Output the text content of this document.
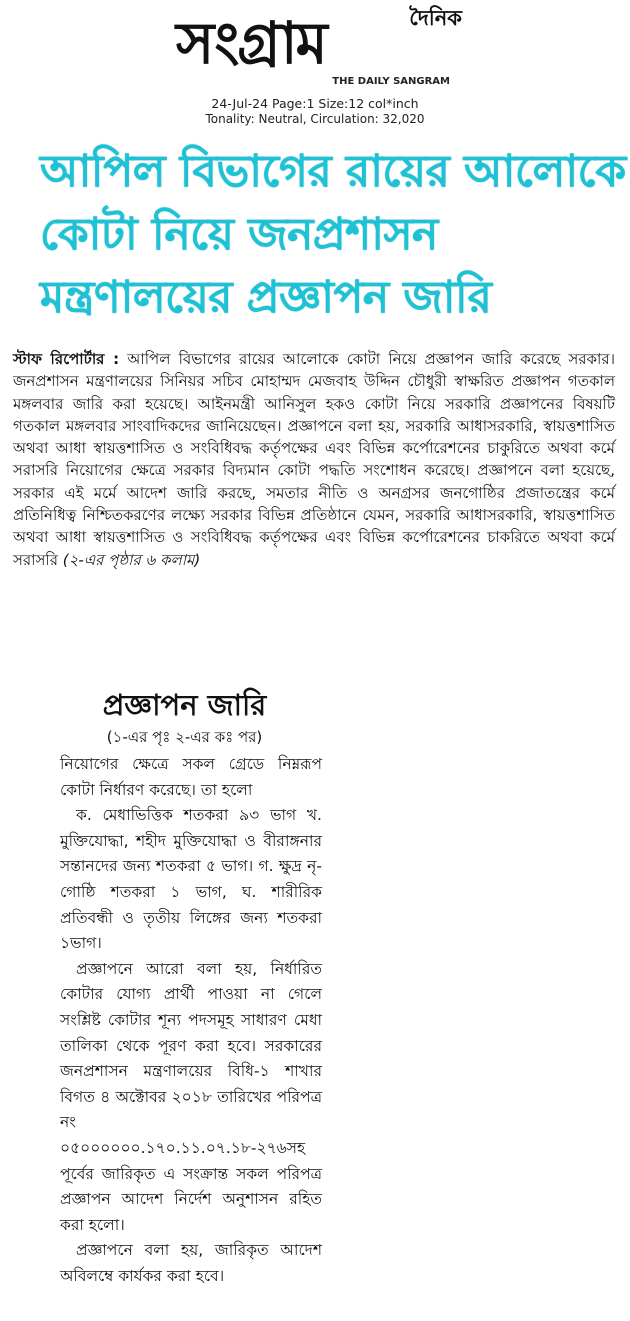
দৈনিক
সংগ্রাম
THE DAILY SANGRAM
24-Jul-24 Page:1 Size:12 col*inch
Tonality: Neutral, Circulation: 32,020
আপিল বিভাগের রায়ের আলোকে
কোটা নিয়ে জনপ্রশাসন
মন্ত্রণালয়ের প্রজ্ঞাপন জারি
স্টাফ রিপোর্টার : আপিল বিভাগের রায়ের আলোকে কোটা নিয়ে প্রজ্ঞাপন জারি করেছে সরকার। জনপ্রশাসন মন্ত্রণালয়ের সিনিয়র সচিব মোহাম্মদ মেজবাহ উদ্দিন চৌধুরী স্বাক্ষরিত প্রজ্ঞাপন গতকাল মঙ্গলবার জারি করা হয়েছে। আইনমন্ত্রী আনিসুল হকও কোটা নিয়ে সরকারি প্রজ্ঞাপনের বিষয়টি গতকাল মঙ্গলবার সাংবাদিকদের জানিয়েছেন। প্রজ্ঞাপনে বলা হয়, সরকারি আধাসরকারি, স্বায়ত্তশাসিত অথবা আধা স্বায়ত্তশাসিত ও সংবিধিবদ্ধ কর্তৃপক্ষের এবং বিভিন্ন কর্পোরেশনের চাকুরিতে অথবা কর্মে সরাসরি নিয়োগের ক্ষেত্রে সরকার বিদ্যমান কোটা পদ্ধতি সংশোধন করেছে। প্রজ্ঞাপনে বলা হয়েছে, সরকার এই মর্মে আদেশ জারি করছে, সমতার নীতি ও অনগ্রসর জনগোষ্ঠির প্রজাতন্ত্রের কর্মে প্রতিনিধিত্ব নিশ্চিতকরণের লক্ষ্যে সরকার বিভিন্ন প্রতিষ্ঠানে যেমন, সরকারি আধাসরকারি, স্বায়ত্তশাসিত অথবা আধা স্বায়ত্তশাসিত ও সংবিধিবদ্ধ কর্তৃপক্ষের এবং বিভিন্ন কর্পোরেশনের চাকরিতে অথবা কর্মে সরাসরি (২-এর পৃষ্ঠার ৬ কলাম)
প্রজ্ঞাপন জারি
(১-এর পৃঃ ২-এর কঃ পর)

নিয়োগের ক্ষেত্রে সকল গ্রেডে নিম্নরূপ কোটা নির্ধারণ করেছে। তা হলো

ক. মেধাভিত্তিক শতকরা ৯৩ ভাগ খ. মুক্তিযোদ্ধা, শহীদ মুক্তিযোদ্ধা ও বীরাঙ্গনার সন্তানদের জন্য শতকরা ৫ ভাগ। গ. ক্ষুদ্র নৃ-গোষ্ঠি শতকরা ১ ভাগ, ঘ. শারীরিক প্রতিবন্ধী ও তৃতীয় লিঙ্গের জন্য শতকরা ১ভাগ।

প্রজ্ঞাপনে আরো বলা হয়, নির্ধারিত কোটার যোগ্য প্রার্থী পাওয়া না গেলে সংশ্লিষ্ট কোটার শূন্য পদসমূহ সাধারণ মেধা তালিকা থেকে পূরণ করা হবে। সরকারের জনপ্রশাসন মন্ত্রণালয়ের বিধি-১ শাখার বিগত ৪ অক্টোবর ২০১৮ তারিখের পরিপত্র নং ০৫০০০০০০.১৭০.১১.০৭.১৮-২৭৬সহ পূর্বের জারিকৃত এ সংক্রান্ত সকল পরিপত্র প্রজ্ঞাপন আদেশ নির্দেশ অনুশাসন রহিত করা হলো।

প্রজ্ঞাপনে বলা হয়, জারিকৃত আদেশ অবিলম্বে কার্যকর করা হবে।
